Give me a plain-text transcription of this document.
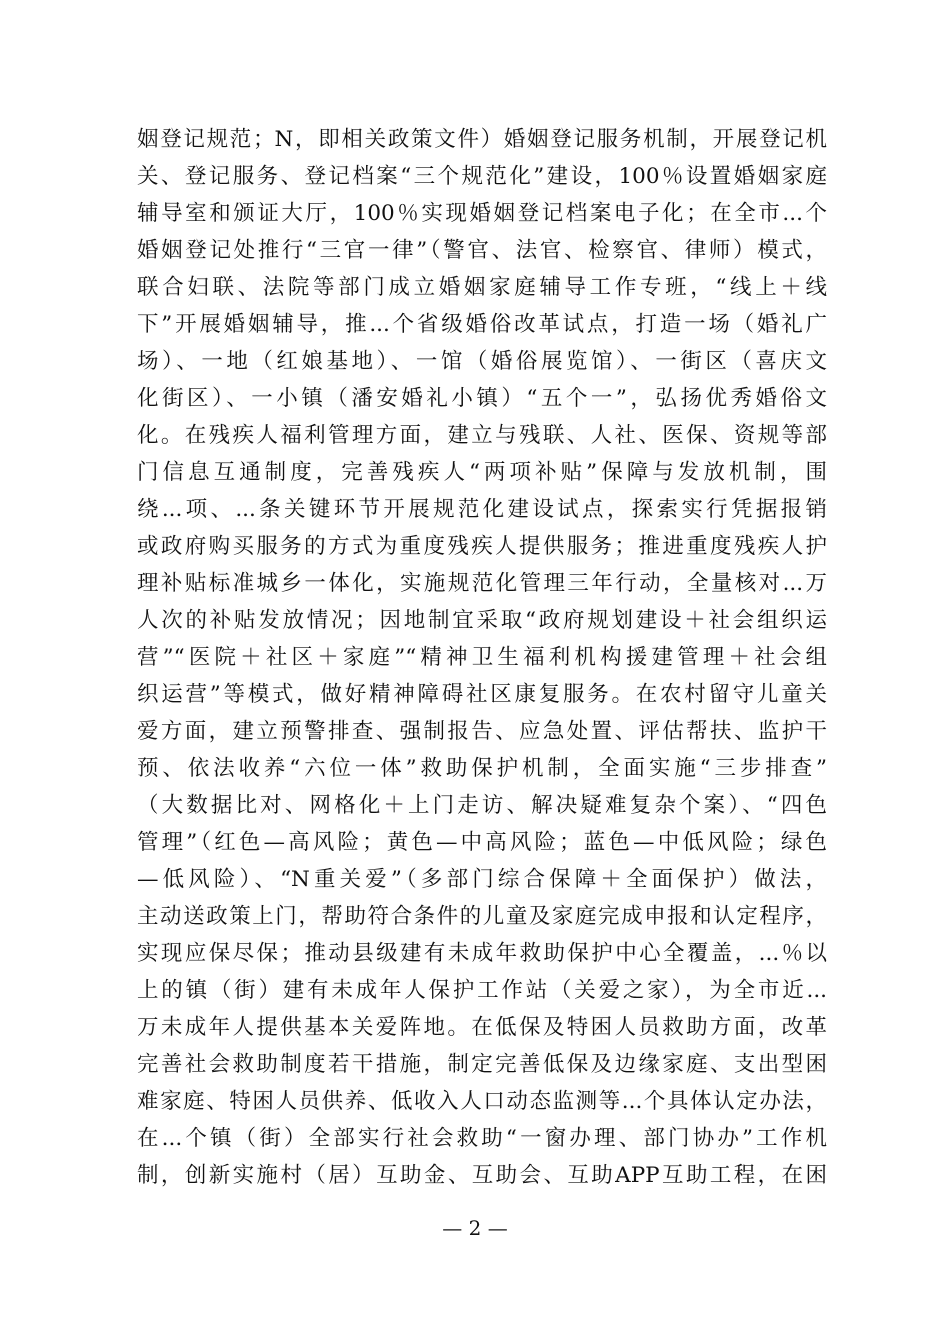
姻登记规范；N，即相关政策文件）婚姻登记服务机制，开展登记机
关、登记服务、登记档案“三个规范化”建设，100％设置婚姻家庭
辅导室和颁证大厅，100％实现婚姻登记档案电子化；在全市...个
婚姻登记处推行“三官一律”（警官、法官、检察官、律师）模式，
联合妇联、法院等部门成立婚姻家庭辅导工作专班，“线上＋线
下”开展婚姻辅导，推...个省级婚俗改革试点，打造一场（婚礼广
场）、一地（红娘基地）、一馆（婚俗展览馆）、一街区（喜庆文
化街区）、一小镇（潘安婚礼小镇）“五个一”，弘扬优秀婚俗文
化。在残疾人福利管理方面，建立与残联、人社、医保、资规等部
门信息互通制度，完善残疾人“两项补贴”保障与发放机制，围
绕...项、...条关键环节开展规范化建设试点，探索实行凭据报销
或政府购买服务的方式为重度残疾人提供服务；推进重度残疾人护
理补贴标准城乡一体化，实施规范化管理三年行动，全量核对...万
人次的补贴发放情况；因地制宜采取“政府规划建设＋社会组织运
营”“医院＋社区＋家庭”“精神卫生福利机构援建管理＋社会组
织运营”等模式，做好精神障碍社区康复服务。在农村留守儿童关
爱方面，建立预警排查、强制报告、应急处置、评估帮扶、监护干
预、依法收养“六位一体”救助保护机制，全面实施“三步排查”
（大数据比对、网格化＋上门走访、解决疑难复杂个案）、“四色
管理”（红色—高风险；黄色—中高风险；蓝色—中低风险；绿色
—低风险）、“N重关爱”（多部门综合保障＋全面保护）做法，
主动送政策上门，帮助符合条件的儿童及家庭完成申报和认定程序，
实现应保尽保；推动县级建有未成年救助保护中心全覆盖，...％以
上的镇（街）建有未成年人保护工作站（关爱之家），为全市近...
万未成年人提供基本关爱阵地。在低保及特困人员救助方面，改革
完善社会救助制度若干措施，制定完善低保及边缘家庭、支出型困
难家庭、特困人员供养、低收入人口动态监测等...个具体认定办法，
在...个镇（街）全部实行社会救助“一窗办理、部门协办”工作机
制，创新实施村（居）互助金、互助会、互助APP互助工程，在困
— 2 —
